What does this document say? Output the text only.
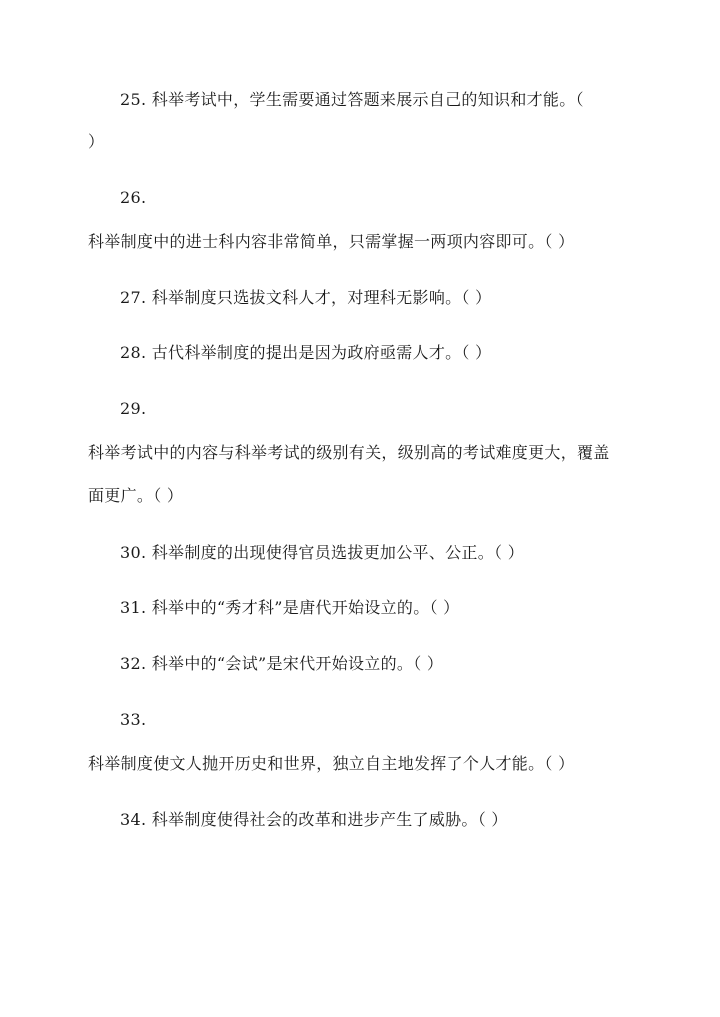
25. 科举考试中，学生需要通过答题来展示自己的知识和才能。（
）
26.
科举制度中的进士科内容非常简单，只需掌握一两项内容即可。（ ）
27. 科举制度只选拔文科人才，对理科无影响。（ ）
28. 古代科举制度的提出是因为政府亟需人才。（ ）
29.
科举考试中的内容与科举考试的级别有关，级别高的考试难度更大，覆盖
面更广。（ ）
30. 科举制度的出现使得官员选拔更加公平、公正。（ ）
31. 科举中的“秀才科”是唐代开始设立的。（ ）
32. 科举中的“会试”是宋代开始设立的。（ ）
33.
科举制度使文人抛开历史和世界，独立自主地发挥了个人才能。（ ）
34. 科举制度使得社会的改革和进步产生了威胁。（ ）
